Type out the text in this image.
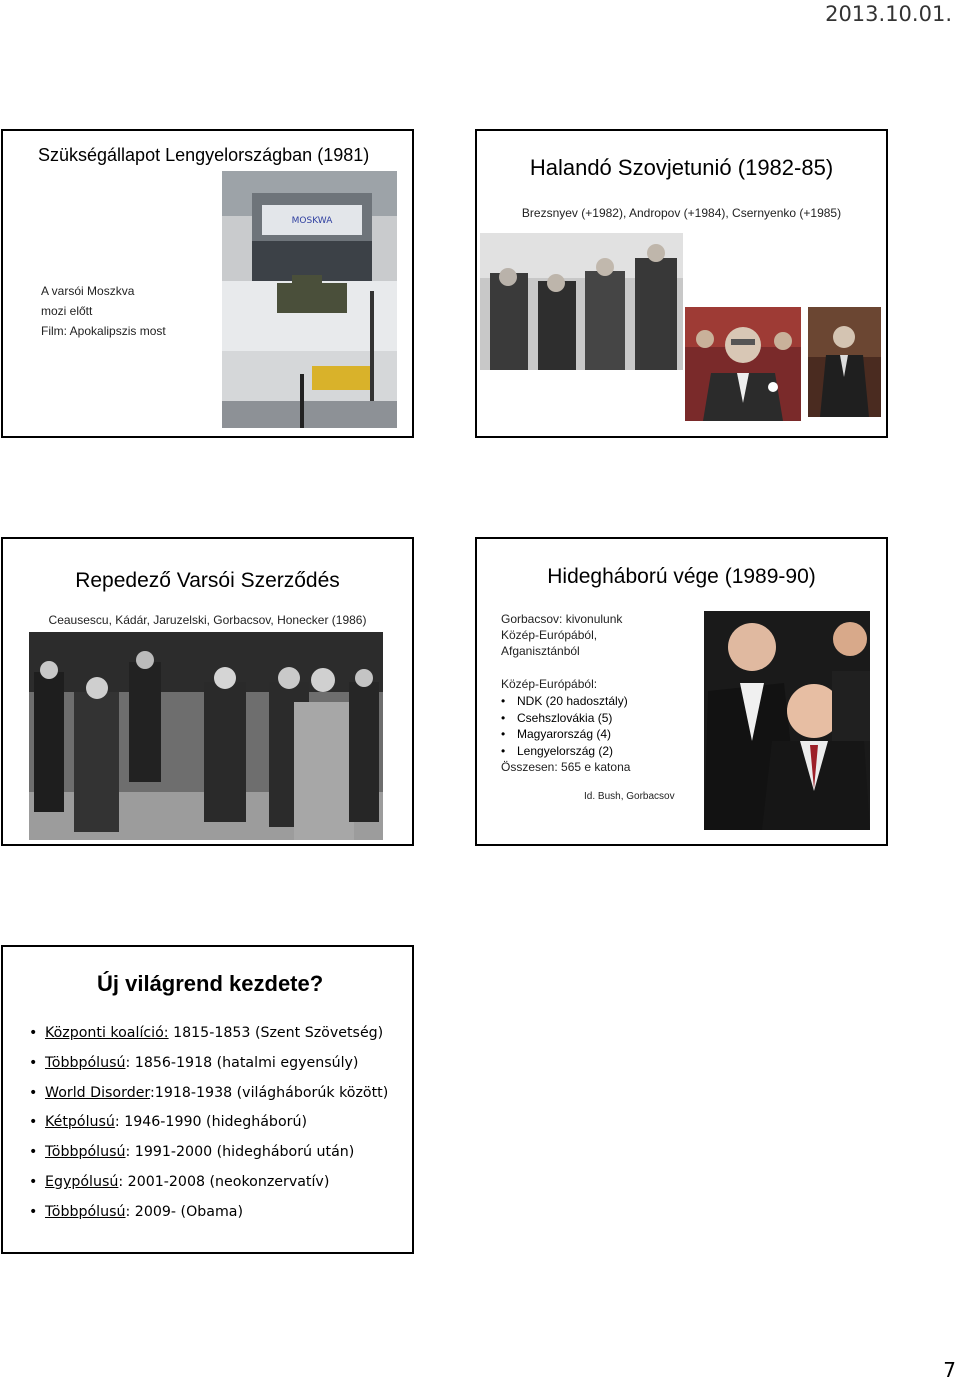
2013.10.01.
Szükségállapot Lengyelországban (1981)
MOSKWA
A varsói Moszkva
mozi előtt
Film: Apokalipszis most
Halandó Szovjetunió (1982-85)
Brezsnyev (+1982), Andropov (+1984), Csernyenko (+1985)
Repedező Varsói Szerződés
Ceausescu, Kádár, Jaruzelski, Gorbacsov, Honecker (1986)
Hidegháború vége (1989-90)
Gorbacsov: kivonulunk
Közép-Európából,
Afganisztánból
Közép-Európából:
• NDK (20 hadosztály)
• Csehszlovákia (5)
• Magyarország (4)
• Lengyelország (2)
Összesen: 565 e katona
Id. Bush, Gorbacsov
Új világrend kezdete?
• Központi koalíció: 1815-1853 (Szent Szövetség)
• Többpólusú: 1856-1918 (hatalmi egyensúly)
• World Disorder:1918-1938 (világháborúk között)
• Kétpólusú: 1946-1990 (hidegháború)
• Többpólusú: 1991-2000 (hidegháború után)
• Egypólusú: 2001-2008 (neokonzervatív)
• Többpólusú: 2009- (Obama)
7
